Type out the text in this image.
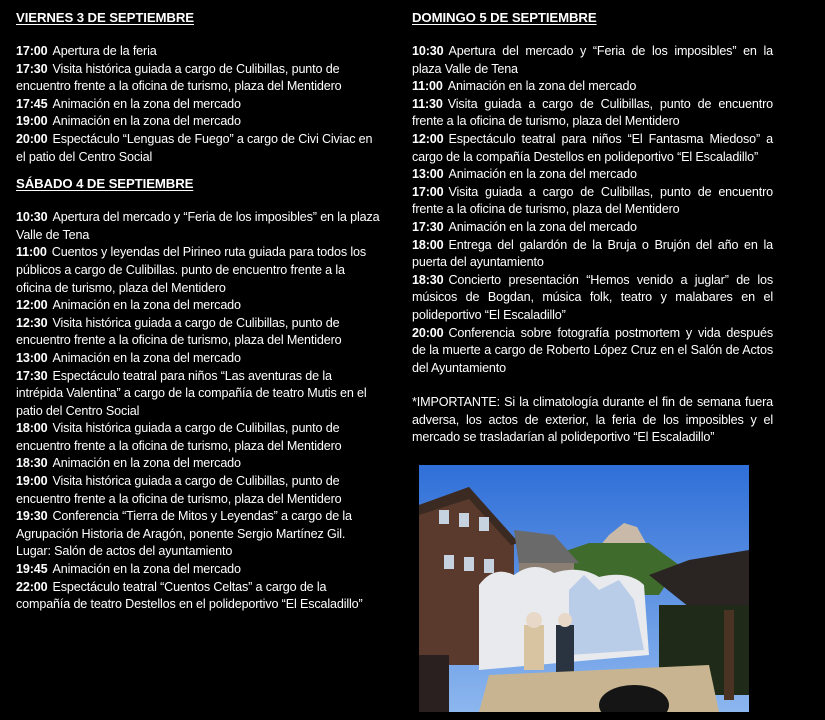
VIERNES 3 DE SEPTIEMBRE
17:00 Apertura de la feria
17:30 Visita histórica guiada a cargo de Culibillas, punto de encuentro frente a la oficina de turismo, plaza del Mentidero
17:45 Animación en la zona del mercado
19:00 Animación en la zona del mercado
20:00 Espectáculo “Lenguas de Fuego” a cargo de Civi Civiac en el patio del Centro Social
SÁBADO 4 DE SEPTIEMBRE
10:30 Apertura del mercado y “Feria de los imposibles” en la plaza Valle de Tena
11:00 Cuentos y leyendas del Pirineo ruta guiada para todos los públicos a cargo de Culibillas. punto de encuentro frente a la oficina de turismo, plaza del Mentidero
12:00 Animación en la zona del mercado
12:30 Visita histórica guiada a cargo de Culibillas, punto de encuentro frente a la oficina de turismo, plaza del Mentidero
13:00 Animación en la zona del mercado
17:30 Espectáculo teatral para niños “Las aventuras de la intrépida Valentina” a cargo de la compañía de teatro Mutis en el patio del Centro Social
18:00 Visita histórica guiada a cargo de Culibillas, punto de encuentro frente a la oficina de turismo, plaza del Mentidero
18:30 Animación en la zona del mercado
19:00 Visita histórica guiada a cargo de Culibillas, punto de encuentro frente a la oficina de turismo, plaza del Mentidero
19:30 Conferencia “Tierra de Mitos y Leyendas” a cargo de la Agrupación Historia de Aragón, ponente Sergio Martínez Gil. Lugar: Salón de actos del ayuntamiento
19:45 Animación en la zona del mercado
22:00 Espectáculo teatral “Cuentos Celtas” a cargo de la compañía de teatro Destellos en el polideportivo “El Escaladillo”
DOMINGO 5 DE SEPTIEMBRE
10:30 Apertura del mercado y “Feria de los imposibles” en la plaza Valle de Tena
11:00 Animación en la zona del mercado
11:30 Visita guiada a cargo de Culibillas, punto de encuentro frente a la oficina de turismo, plaza del Mentidero
12:00 Espectáculo teatral para niños “El Fantasma Miedoso” a cargo de la compañía Destellos en polideportivo “El Escaladillo”
13:00 Animación en la zona del mercado
17:00 Visita guiada a cargo de Culibillas, punto de encuentro frente a la oficina de turismo, plaza del Mentidero
17:30 Animación en la zona del mercado
18:00 Entrega del galardón de la Bruja o Brujón del año en la puerta del ayuntamiento
18:30 Concierto presentación “Hemos venido a juglar” de los músicos de Bogdan, música folk, teatro y malabares en el polideportivo “El Escaladillo”
20:00 Conferencia sobre fotografía postmortem y vida después de la muerte a cargo de Roberto López Cruz en el Salón de Actos del Ayuntamiento

*IMPORTANTE: Si la climatología durante el fin de semana fuera adversa, los actos de exterior, la feria de los imposibles y el mercado se trasladarían al polideportivo “El Escaladillo”
